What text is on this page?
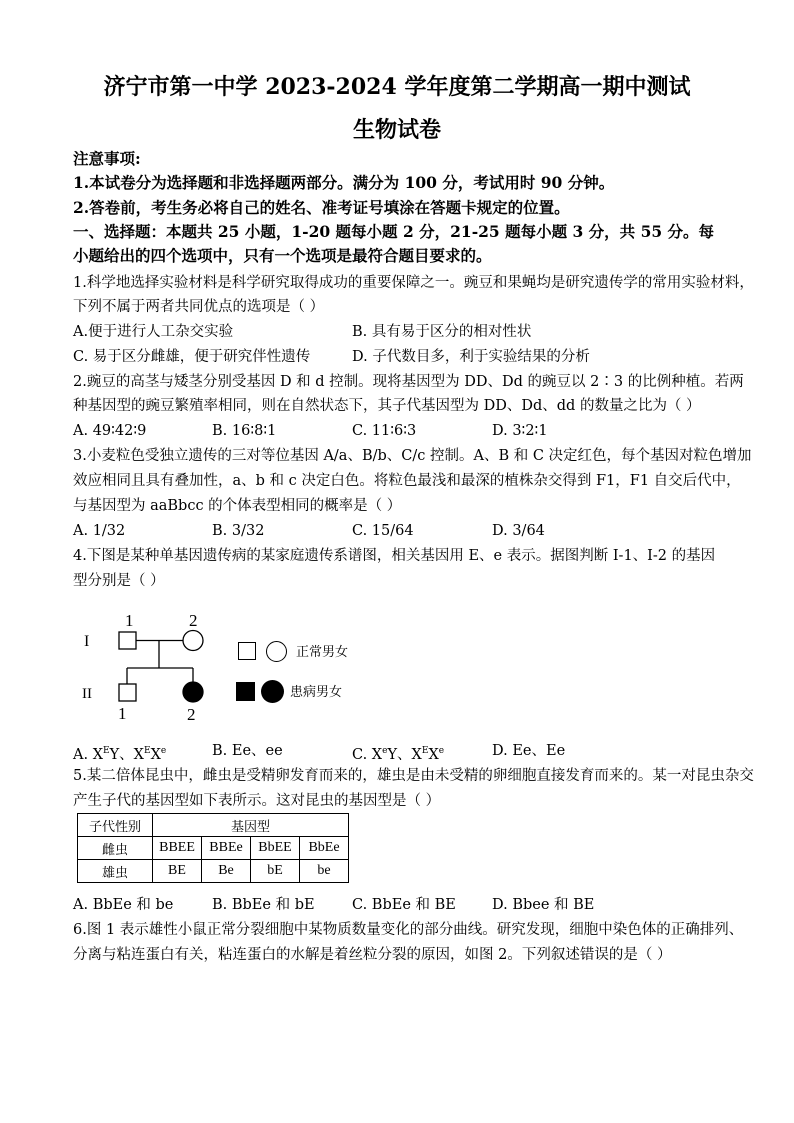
济宁市第一中学 2023-2024 学年度第二学期高一期中测试
生物试卷
注意事项:
1.本试卷分为选择题和非选择题两部分。满分为 100 分，考试用时 90 分钟。
2.答卷前，考生务必将自己的姓名、准考证号填涂在答题卡规定的位置。
一、选择题：本题共 25 小题，1-20 题每小题 2 分，21-25 题每小题 3 分，共 55 分。每
小题给出的四个选项中，只有一个选项是最符合题目要求的。
1.科学地选择实验材料是科学研究取得成功的重要保障之一。豌豆和果蝇均是研究遗传学的常用实验材料，
下列不属于两者共同优点的选项是（ ）
A.便于进行人工杂交实验	B. 具有易于区分的相对性状
C. 易于区分雌雄，便于研究伴性遗传	D. 子代数目多，利于实验结果的分析
2.豌豆的高茎与矮茎分别受基因 D 和 d 控制。现将基因型为 DD、Dd 的豌豆以 2∶3 的比例种植。若两
种基因型的豌豆繁殖率相同，则在自然状态下，其子代基因型为 DD、Dd、dd 的数量之比为（ ）
A. 49∶42∶9	B. 16∶8∶1	C. 11∶6∶3	D. 3∶2∶1
3.小麦粒色受独立遗传的三对等位基因 A/a、B/b、C/c 控制。A、B 和 C 决定红色，每个基因对粒色增加
效应相同且具有叠加性，a、b 和 c 决定白色。将粒色最浅和最深的植株杂交得到 F1，F1 自交后代中，
与基因型为 aaBbcc 的个体表型相同的概率是（ ）
A. 1/32	B. 3/32	C. 15/64	D. 3/64
4.下图是某种单基因遗传病的某家庭遗传系谱图，相关基因用 E、e 表示。据图判断 Ⅰ-1、Ⅰ-2 的基因
型分别是（ ）
I
II
1	2
1	2
正常男女
患病男女
A. $X^EY$、$X^EXe$	B. Ee、ee	C. XeY、$X^EXe$	D. Ee、Ee
5.某二倍体昆虫中，雌虫是受精卵发育而来的，雄虫是由未受精的卵细胞直接发育而来的。某一对昆虫杂交
产生子代的基因型如下表所示。这对昆虫的基因型是（ ）
子代性别	基因型			
雌虫	BBEE	BBEe	BbEE	BbEe
雄虫	BE	Be	bE	be
A. BbEe 和 be	B. BbEe 和 bE	C. BbEe 和 BE D. Bbee 和 BE
6.图 1 表示雄性小鼠正常分裂细胞中某物质数量变化的部分曲线。研究发现，细胞中染色体的正确排列、
分离与粘连蛋白有关，粘连蛋白的水解是着丝粒分裂的原因，如图 2。下列叙述错误的是（ ）
